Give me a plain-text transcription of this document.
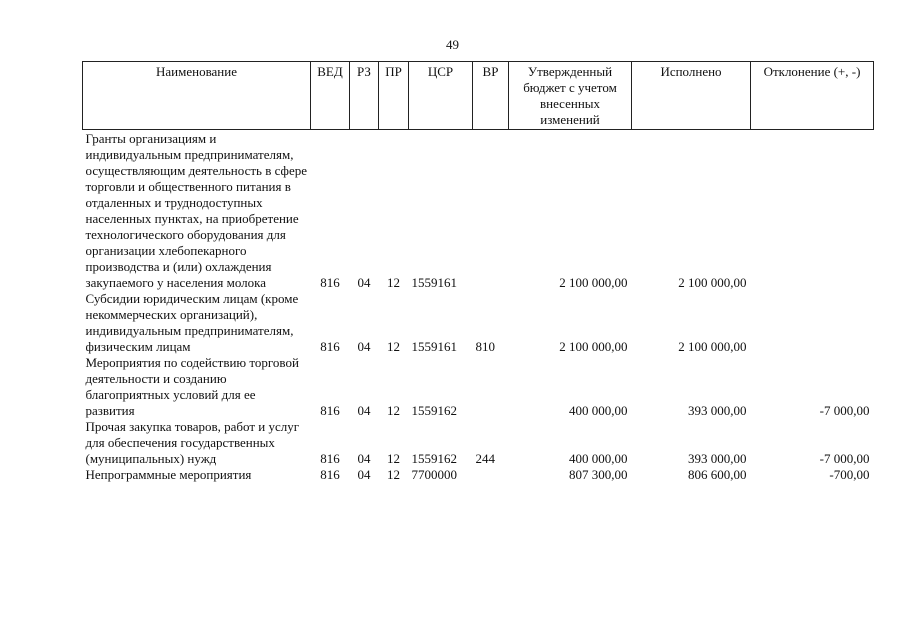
49
Наименование	ВЕД	РЗ	ПР	ЦСР	ВР	Утвержденный бюджет с учетом внесенных изменений	Исполнено	Отклонение (+, -)
Гранты организациям и индивидуальным предпринимателям, осуществляющим деятельность в сфере торговли и общественного питания в отдаленных и труднодоступных населенных пунктах, на приобретение технологического оборудования для организации хлебопекарного производства и (или) охлаждения закупаемого у населения молока	816	04	12	1559161		2 100 000,00	2 100 000,00	
Субсидии юридическим лицам (кроме некоммерческих организаций), индивидуальным предпринимателям, физическим лицам	816	04	12	1559161	810	2 100 000,00	2 100 000,00	
Мероприятия по содействию торговой деятельности и созданию благоприятных условий для ее развития	816	04	12	1559162		400 000,00	393 000,00	-7 000,00
Прочая закупка товаров, работ и услуг для обеспечения государственных (муниципальных) нужд	816	04	12	1559162	244	400 000,00	393 000,00	-7 000,00
Непрограммные мероприятия	816	04	12	7700000		807 300,00	806 600,00	-700,00
